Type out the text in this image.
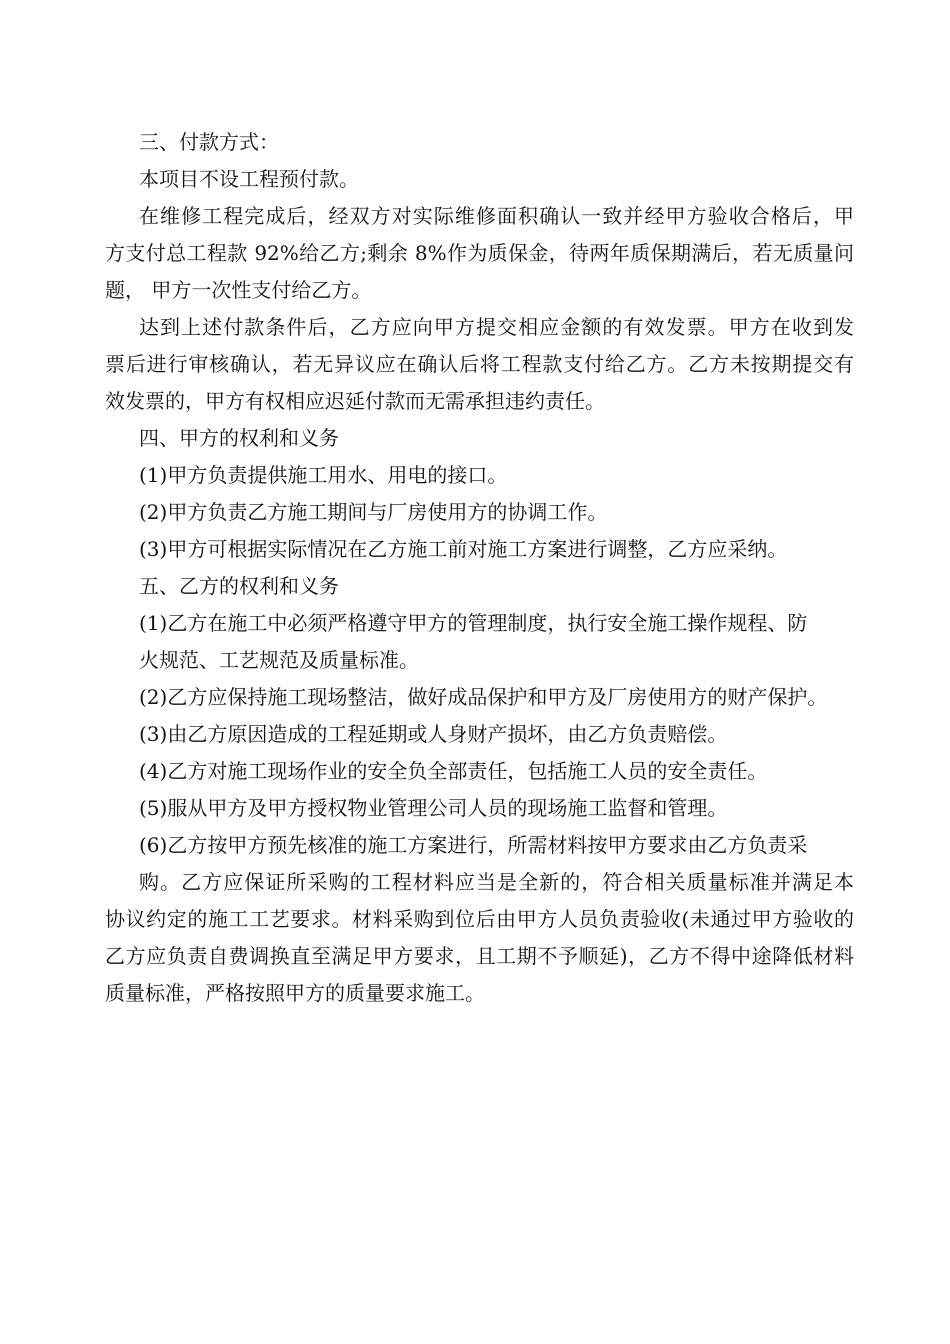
三、付款方式：

本项目不设工程预付款。

在维修工程完成后，经双方对实际维修面积确认一致并经甲方验收合格后，甲

方支付总工程款 92%给乙方;剩余 8%作为质保金，待两年质保期满后，若无质量问

题， 甲方一次性支付给乙方。

达到上述付款条件后，乙方应向甲方提交相应金额的有效发票。甲方在收到发

票后进行审核确认，若无异议应在确认后将工程款支付给乙方。乙方未按期提交有

效发票的，甲方有权相应迟延付款而无需承担违约责任。

四、甲方的权利和义务

(1)甲方负责提供施工用水、用电的接口。

(2)甲方负责乙方施工期间与厂房使用方的协调工作。

(3)甲方可根据实际情况在乙方施工前对施工方案进行调整，乙方应采纳。

五、乙方的权利和义务

(1)乙方在施工中必须严格遵守甲方的管理制度，执行安全施工操作规程、防

火规范、工艺规范及质量标准。

(2)乙方应保持施工现场整洁，做好成品保护和甲方及厂房使用方的财产保护。

(3)由乙方原因造成的工程延期或人身财产损坏，由乙方负责赔偿。

(4)乙方对施工现场作业的安全负全部责任，包括施工人员的安全责任。

(5)服从甲方及甲方授权物业管理公司人员的现场施工监督和管理。

(6)乙方按甲方预先核准的施工方案进行，所需材料按甲方要求由乙方负责采

购。乙方应保证所采购的工程材料应当是全新的，符合相关质量标准并满足本

协议约定的施工工艺要求。材料采购到位后由甲方人员负责验收(未通过甲方验收的

乙方应负责自费调换直至满足甲方要求，且工期不予顺延)，乙方不得中途降低材料

质量标准，严格按照甲方的质量要求施工。
